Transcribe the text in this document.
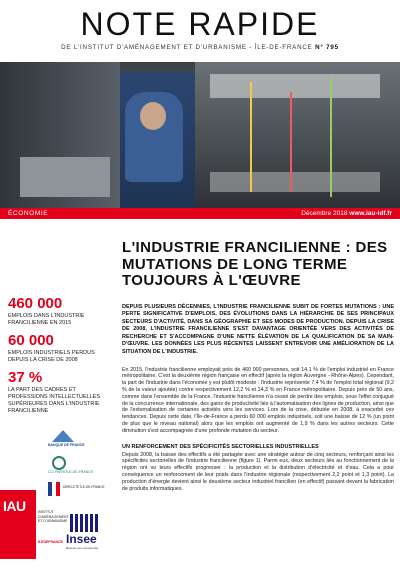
NOTE RAPIDE
DE L'INSTITUT D'AMÉNAGEMENT ET D'URBANISME - ÎLE-DE-FRANCE N° 795
ÉCONOMIE	Décembre 2018 www.iau-idf.fr
L'INDUSTRIE FRANCILIENNE : DES MUTATIONS DE LONG TERME TOUJOURS À L'ŒUVRE
DEPUIS PLUSIEURS DÉCENNIES, L'INDUSTRIE FRANCILIENNE SUBIT DE FORTES MUTATIONS : UNE PERTE SIGNIFICATIVE D'EMPLOIS, DES ÉVOLUTIONS DANS LA HIÉRARCHIE DE SES PRINCIPAUX SECTEURS D'ACTIVITÉ, DANS SA GÉOGRAPHIE ET SES MODES DE PRODUCTION. DEPUIS LA CRISE DE 2008, L'INDUSTRIE FRANCILIENNE S'EST DAVANTAGE ORIENTÉE VERS DES ACTIVITÉS DE RECHERCHE ET S'ACCOMPAGNE D'UNE NETTE ÉLÉVATION DE LA QUALIFICATION DE SA MAIN-D'ŒUVRE. LES DONNÉES LES PLUS RÉCENTES LAISSENT ENTREVOIR UNE AMÉLIORATION DE LA SITUATION DE L'INDUSTRIE.
En 2015, l'industrie francilienne employait près de 460 000 personnes, soit 14,1 % de l'emploi industriel en France métropolitaine. C'est la deuxième région française en effectif (après la région Auvergne - Rhône-Alpes). Cependant, la part de l'industrie dans l'économie y est plutôt modeste : l'industrie représente 7,4 % de l'emploi total régional (9,2 % de la valeur ajoutée) contre respectivement 12,2 % et 14,3 % en France métropolitaine. Depuis près de 50 ans, comme dans l'ensemble de la France, l'industrie francilienne n'a cessé de perdre des emplois, sous l'effet conjugué de la concurrence internationale, des gains de productivité liés à l'automatisation des lignes de production, ainsi que de l'externalisation de certaines activités vers les services. Lors de la crise, débutée en 2008, à exacerbé ces tendances. Depuis cette date, l'Île-de-France a perdu 60 000 emplois industriels, soit une baisse de 12 % (un point de plus que le niveau national) alors que les emplois ont augmenté de 1,9 % dans les autres secteurs. Cette diminution s'est accompagnée d'une profonde mutation du secteur.
UN RENFORCEMENT DES SPÉCIFICITÉS SECTORIELLES INDUSTRIELLES
Depuis 2008, la baisse des effectifs a été partagée avec une stratégie autour de cinq secteurs, renforçant ainsi les spécificités sectorielles de l'industrie francilienne (figure 1). Parmi eux, deux secteurs liés au fonctionnement de la région ont vu leurs effectifs progresser : la production et la distribution d'électricité et d'eau. Cela a pour conséquence un renforcement de leur poids dans l'industrie régionale (respectivement 2,2 point et 1,3 point). La production d'énergie devient ainsi le deuxième secteur industriel francilien (en effectif) passant devant la fabrication de produits informatiques.
460 000
EMPLOIS DANS L'INDUSTRIE FRANCILIENNE EN 2015
60 000
EMPLOIS INDUSTRIELS PERDUS DEPUIS LA CRISE DE 2008
37 %
LA PART DES CADRES ET PROFESSIONS INTELLECTUELLES SUPÉRIEURES DANS L'INDUSTRIE FRANCILIENNE
BANQUE DE FRANCE
CCI PARIS ÎLE-DE-FRANCE
DIRECCTE ÎLE-DE-FRANCE
IAU	INSTITUT D'AMÉNAGEMENT ET D'URBANISME
ÎLEDEFRANCE Insee
Mesurer pour comprendre
